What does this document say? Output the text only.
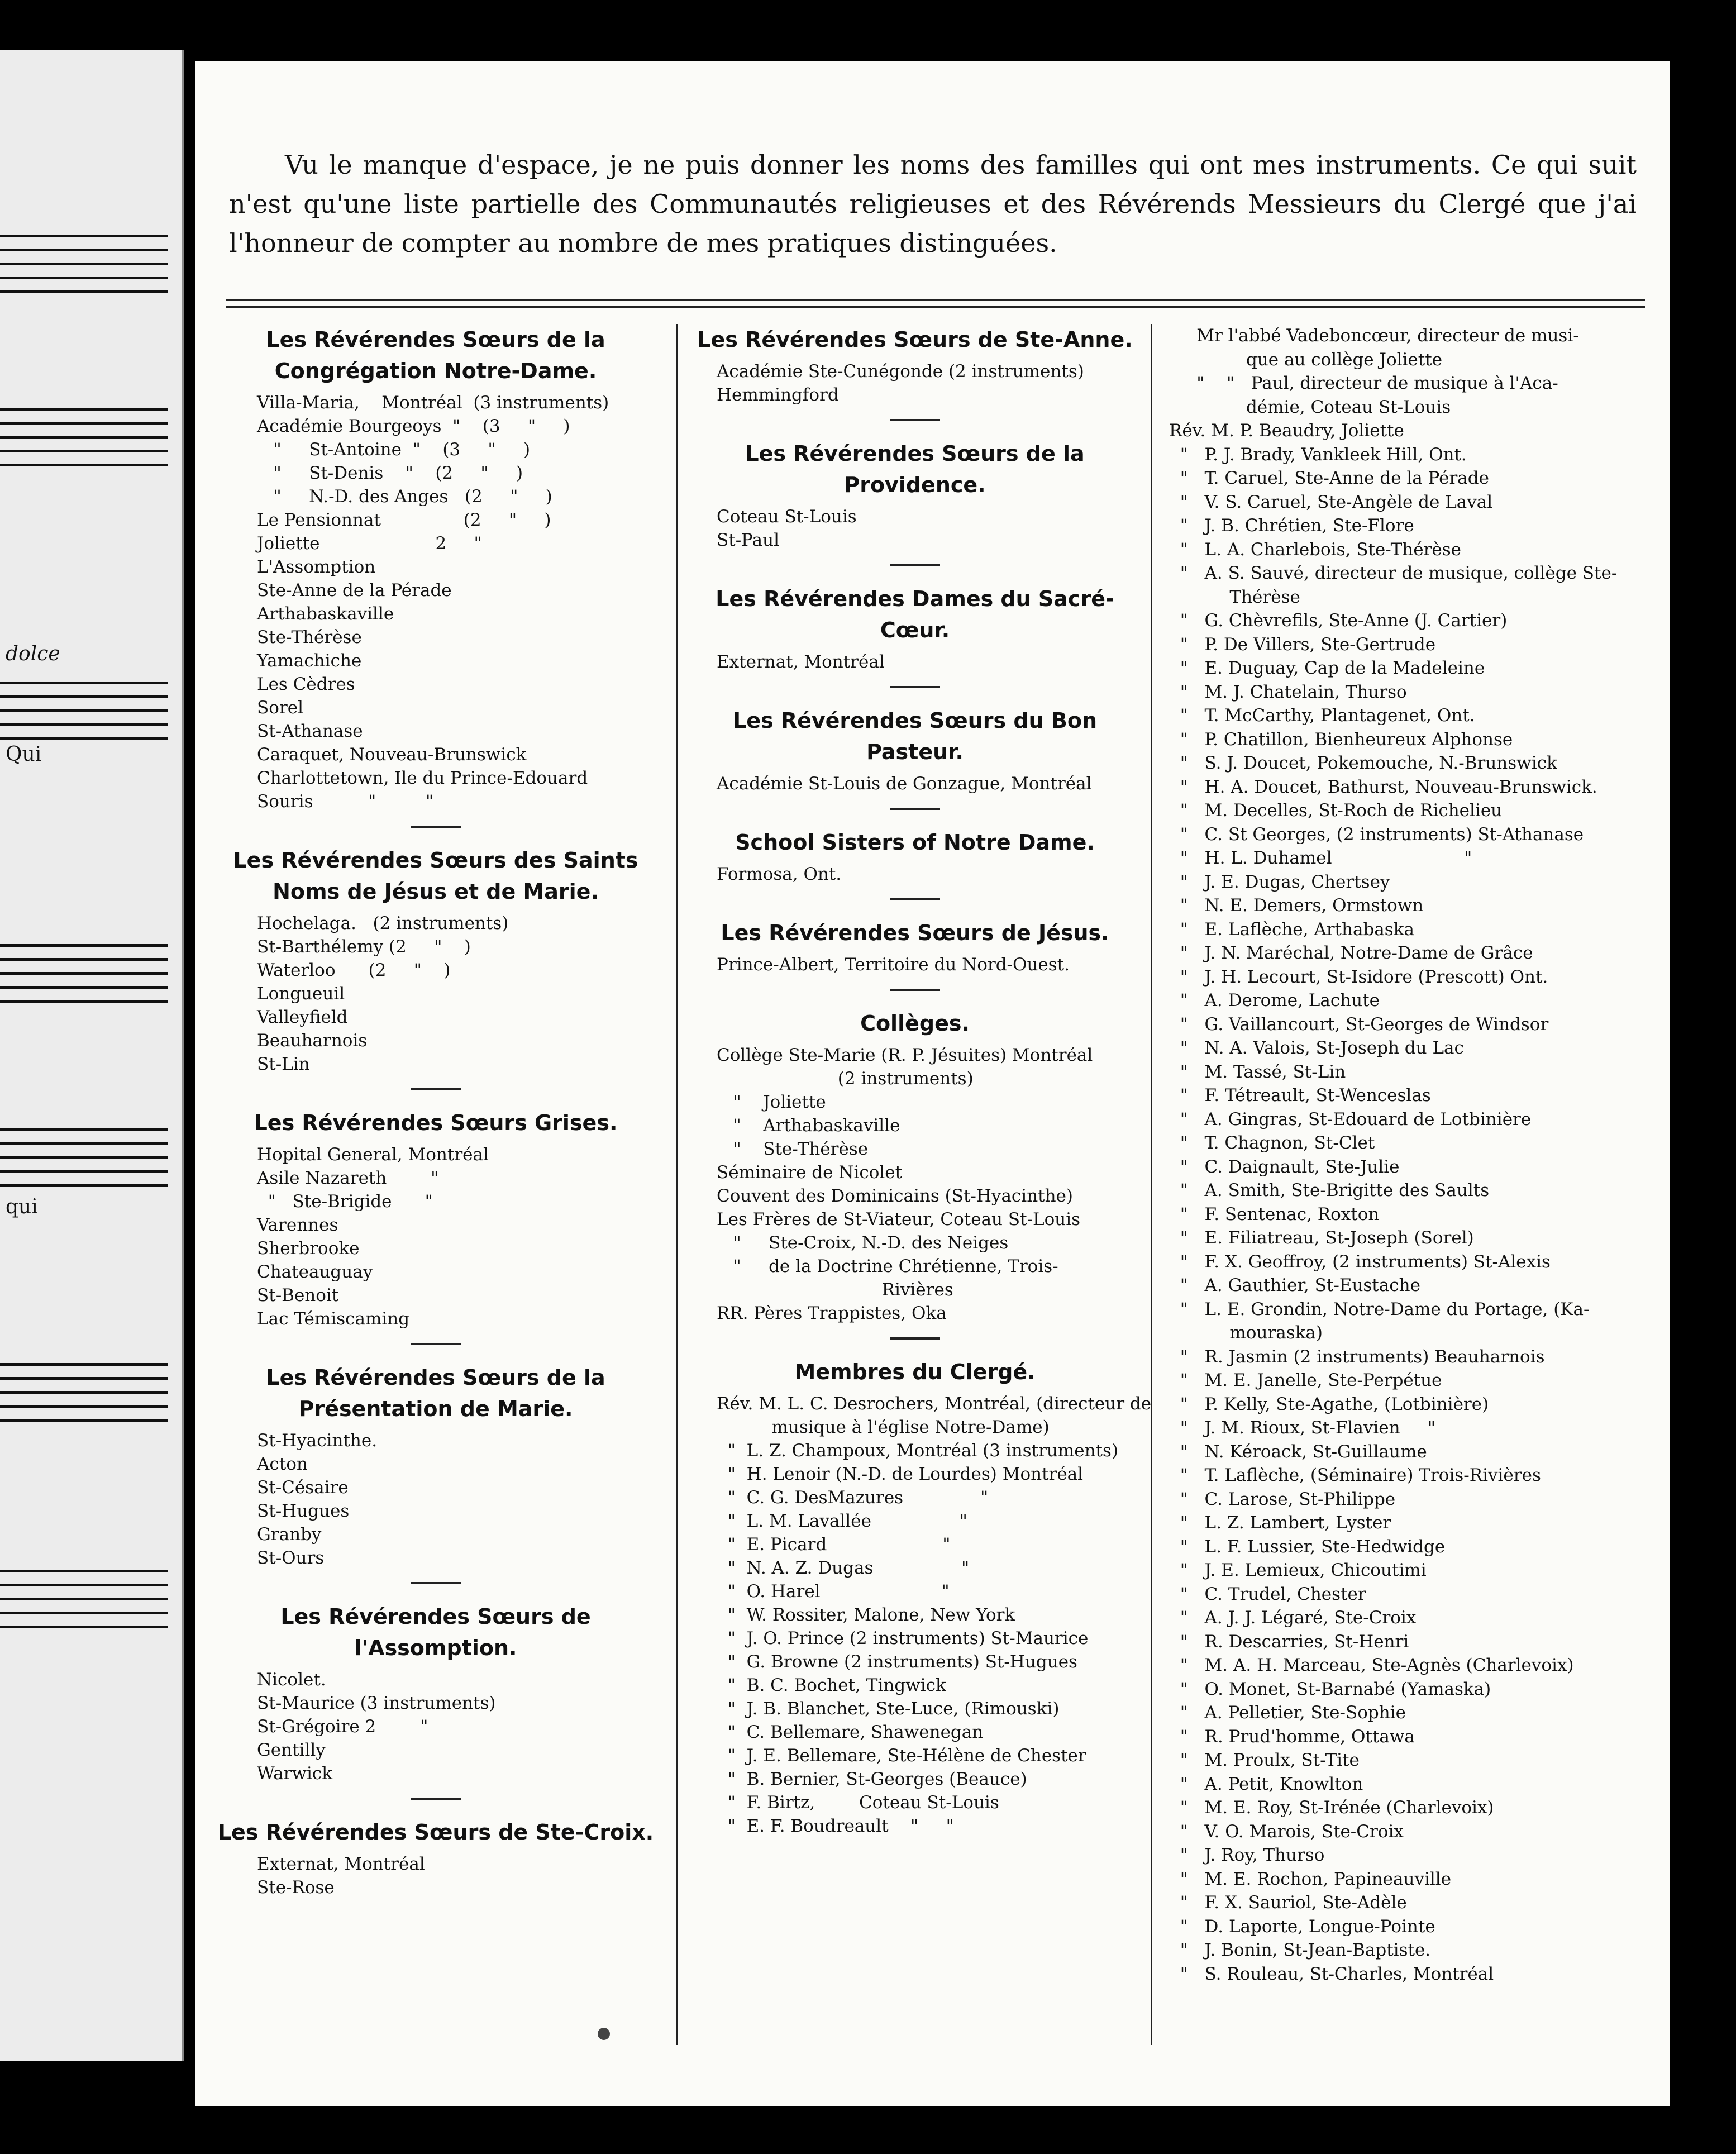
dolce
Qui
qui

Vu le manque d'espace, je ne puis donner les noms des familles qui ont mes instruments. Ce qui suit n'est qu'une liste partielle des Communautés religieuses et des Révérends Messieurs du Clergé que j'ai l'honneur de compter au nombre de mes pratiques distinguées.

Les Révérendes Sœurs de la Congrégation Notre-Dame.
Villa-Maria,    Montréal  (3 instruments)
Académie Bourgeoys  "    (3     "     )
"     St-Antoine  "    (3     "     )
"     St-Denis    "    (2     "     )
"     N.-D. des Anges   (2     "     )
Le Pensionnat               (2     "     )
Joliette                     2     "
L'Assomption
Ste-Anne de la Pérade
Arthabaskaville
Ste-Thérèse
Yamachiche
Les Cèdres
Sorel
St-Athanase
Caraquet, Nouveau-Brunswick
Charlottetown, Ile du Prince-Edouard
Souris          "         "
Les Révérendes Sœurs des Saints Noms de Jésus et de Marie.
Hochelaga.   (2 instruments)
St-Barthélemy (2     "    )
Waterloo      (2     "    )
Longueuil
Valleyfield
Beauharnois
St-Lin
Les Révérendes Sœurs Grises.
Hopital General, Montréal
Asile Nazareth        "
"   Ste-Brigide      "
Varennes
Sherbrooke
Chateauguay
St-Benoit
Lac Témiscaming
Les Révérendes Sœurs de la Présentation de Marie.
St-Hyacinthe.
Acton
St-Césaire
St-Hugues
Granby
St-Ours
Les Révérendes Sœurs de l'Assomption.
Nicolet.
St-Maurice (3 instruments)
St-Grégoire 2        "
Gentilly
Warwick
Les Révérendes Sœurs de Ste-Croix.
Externat, Montréal
Ste-Rose
Les Révérendes Sœurs de Ste-Anne.
Académie Ste-Cunégonde (2 instruments)
Hemmingford
Les Révérendes Sœurs de la Providence.
Coteau St-Louis
St-Paul
Les Révérendes Dames du Sacré-Cœur.
Externat, Montréal
Les Révérendes Sœurs du Bon Pasteur.
Académie St-Louis de Gonzague, Montréal
School Sisters of Notre Dame.
Formosa, Ont.
Les Révérendes Sœurs de Jésus.
Prince-Albert, Territoire du Nord-Ouest.
Collèges.
Collège Ste-Marie (R. P. Jésuites) Montréal
(2 instruments)
"    Joliette
"    Arthabaskaville
"    Ste-Thérèse
Séminaire de Nicolet
Couvent des Dominicains (St-Hyacinthe)
Les Frères de St-Viateur, Coteau St-Louis
"     Ste-Croix, N.-D. des Neiges
"     de la Doctrine Chrétienne, Trois-
Rivières
RR. Pères Trappistes, Oka
Membres du Clergé.
Rév. M. L. C. Desrochers, Montréal, (directeur de
musique à l'église Notre-Dame)
"  L. Z. Champoux, Montréal (3 instruments)
"  H. Lenoir (N.-D. de Lourdes) Montréal
"  C. G. DesMazures              "
"  L. M. Lavallée                "
"  E. Picard                     "
"  N. A. Z. Dugas                "
"  O. Harel                      "
"  W. Rossiter, Malone, New York
"  J. O. Prince (2 instruments) St-Maurice
"  G. Browne (2 instruments) St-Hugues
"  B. C. Bochet, Tingwick
"  J. B. Blanchet, Ste-Luce, (Rimouski)
"  C. Bellemare, Shawenegan
"  J. E. Bellemare, Ste-Hélène de Chester
"  B. Bernier, St-Georges (Beauce)
"  F. Birtz,        Coteau St-Louis
"  E. F. Boudreault    "     "
Mr l'abbé Vadeboncœur, directeur de musi-
que au collège Joliette
"    "   Paul, directeur de musique à l'Aca-
démie, Coteau St-Louis
Rév. M. P. Beaudry, Joliette
"   P. J. Brady, Vankleek Hill, Ont.
"   T. Caruel, Ste-Anne de la Pérade
"   V. S. Caruel, Ste-Angèle de Laval
"   J. B. Chrétien, Ste-Flore
"   L. A. Charlebois, Ste-Thérèse
"   A. S. Sauvé, directeur de musique, collège Ste-
Thérèse
"   G. Chèvrefils, Ste-Anne (J. Cartier)
"   P. De Villers, Ste-Gertrude
"   E. Duguay, Cap de la Madeleine
"   M. J. Chatelain, Thurso
"   T. McCarthy, Plantagenet, Ont.
"   P. Chatillon, Bienheureux Alphonse
"   S. J. Doucet, Pokemouche, N.-Brunswick
"   H. A. Doucet, Bathurst, Nouveau-Brunswick.
"   M. Decelles, St-Roch de Richelieu
"   C. St Georges, (2 instruments) St-Athanase
"   H. L. Duhamel                        "
"   J. E. Dugas, Chertsey
"   N. E. Demers, Ormstown
"   E. Laflèche, Arthabaska
"   J. N. Maréchal, Notre-Dame de Grâce
"   J. H. Lecourt, St-Isidore (Prescott) Ont.
"   A. Derome, Lachute
"   G. Vaillancourt, St-Georges de Windsor
"   N. A. Valois, St-Joseph du Lac
"   M. Tassé, St-Lin
"   F. Tétreault, St-Wenceslas
"   A. Gingras, St-Edouard de Lotbinière
"   T. Chagnon, St-Clet
"   C. Daignault, Ste-Julie
"   A. Smith, Ste-Brigitte des Saults
"   F. Sentenac, Roxton
"   E. Filiatreau, St-Joseph (Sorel)
"   F. X. Geoffroy, (2 instruments) St-Alexis
"   A. Gauthier, St-Eustache
"   L. E. Grondin, Notre-Dame du Portage, (Ka-
mouraska)
"   R. Jasmin (2 instruments) Beauharnois
"   M. E. Janelle, Ste-Perpétue
"   P. Kelly, Ste-Agathe, (Lotbinière)
"   J. M. Rioux, St-Flavien     "
"   N. Kéroack, St-Guillaume
"   T. Laflèche, (Séminaire) Trois-Rivières
"   C. Larose, St-Philippe
"   L. Z. Lambert, Lyster
"   L. F. Lussier, Ste-Hedwidge
"   J. E. Lemieux, Chicoutimi
"   C. Trudel, Chester
"   A. J. J. Légaré, Ste-Croix
"   R. Descarries, St-Henri
"   M. A. H. Marceau, Ste-Agnès (Charlevoix)
"   O. Monet, St-Barnabé (Yamaska)
"   A. Pelletier, Ste-Sophie
"   R. Prud'homme, Ottawa
"   M. Proulx, St-Tite
"   A. Petit, Knowlton
"   M. E. Roy, St-Irénée (Charlevoix)
"   V. O. Marois, Ste-Croix
"   J. Roy, Thurso
"   M. E. Rochon, Papineauville
"   F. X. Sauriol, Ste-Adèle
"   D. Laporte, Longue-Pointe
"   J. Bonin, St-Jean-Baptiste.
"   S. Rouleau, St-Charles, Montréal
